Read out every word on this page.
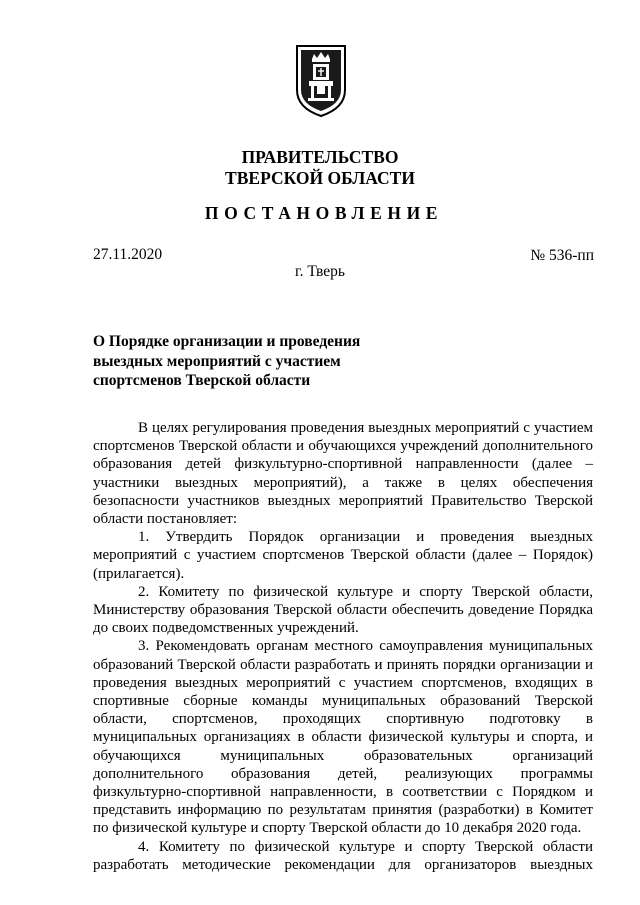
ПРАВИТЕЛЬСТВО
ТВЕРСКОЙ ОБЛАСТИ
ПОСТАНОВЛЕНИЕ
27.11.2020	№ 536-пп
г. Тверь
О Порядке организации и проведения выездных мероприятий с участием спортсменов Тверской области

В целях регулирования проведения выездных мероприятий с участием спортсменов Тверской области и обучающихся учреждений дополнительного образования детей физкультурно-спортивной направленности (далее – участники выездных мероприятий), а также в целях обеспечения безопасности участников выездных мероприятий Правительство Тверской области постановляет:

1. Утвердить Порядок организации и проведения выездных мероприятий с участием спортсменов Тверской области (далее – Порядок) (прилагается).

2. Комитету по физической культуре и спорту Тверской области, Министерству образования Тверской области обеспечить доведение Порядка до своих подведомственных учреждений.

3. Рекомендовать органам местного самоуправления муниципальных образований Тверской области разработать и принять порядки организации и проведения выездных мероприятий с участием спортсменов, входящих в спортивные сборные команды муниципальных образований Тверской области, спортсменов, проходящих спортивную подготовку в муниципальных организациях в области физической культуры и спорта, и обучающихся муниципальных образовательных организаций дополнительного образования детей, реализующих программы физкультурно-спортивной направленности, в соответствии с Порядком и представить информацию по результатам принятия (разработки) в Комитет по физической культуре и спорту Тверской области до 10 декабря 2020 года.

4. Комитету по физической культуре и спорту Тверской области разработать методические рекомендации для организаторов выездных
